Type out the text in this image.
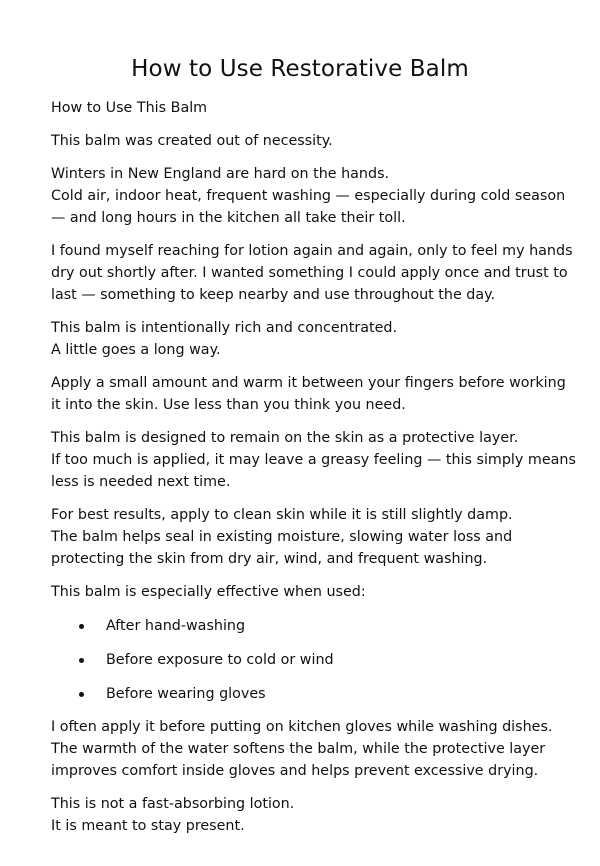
How to Use Restorative Balm
How to Use This Balm

This balm was created out of necessity.

Winters in New England are hard on the hands.
Cold air, indoor heat, frequent washing — especially during cold season
— and long hours in the kitchen all take their toll.

I found myself reaching for lotion again and again, only to feel my hands
dry out shortly after. I wanted something I could apply once and trust to
last — something to keep nearby and use throughout the day.

This balm is intentionally rich and concentrated.
A little goes a long way.

Apply a small amount and warm it between your fingers before working
it into the skin. Use less than you think you need.

This balm is designed to remain on the skin as a protective layer.
If too much is applied, it may leave a greasy feeling — this simply means
less is needed next time.

For best results, apply to clean skin while it is still slightly damp.
The balm helps seal in existing moisture, slowing water loss and
protecting the skin from dry air, wind, and frequent washing.

This balm is especially effective when used:

After hand-washing
Before exposure to cold or wind
Before wearing gloves

I often apply it before putting on kitchen gloves while washing dishes.
The warmth of the water softens the balm, while the protective layer
improves comfort inside gloves and helps prevent excessive drying.

This is not a fast-absorbing lotion.
It is meant to stay present.
